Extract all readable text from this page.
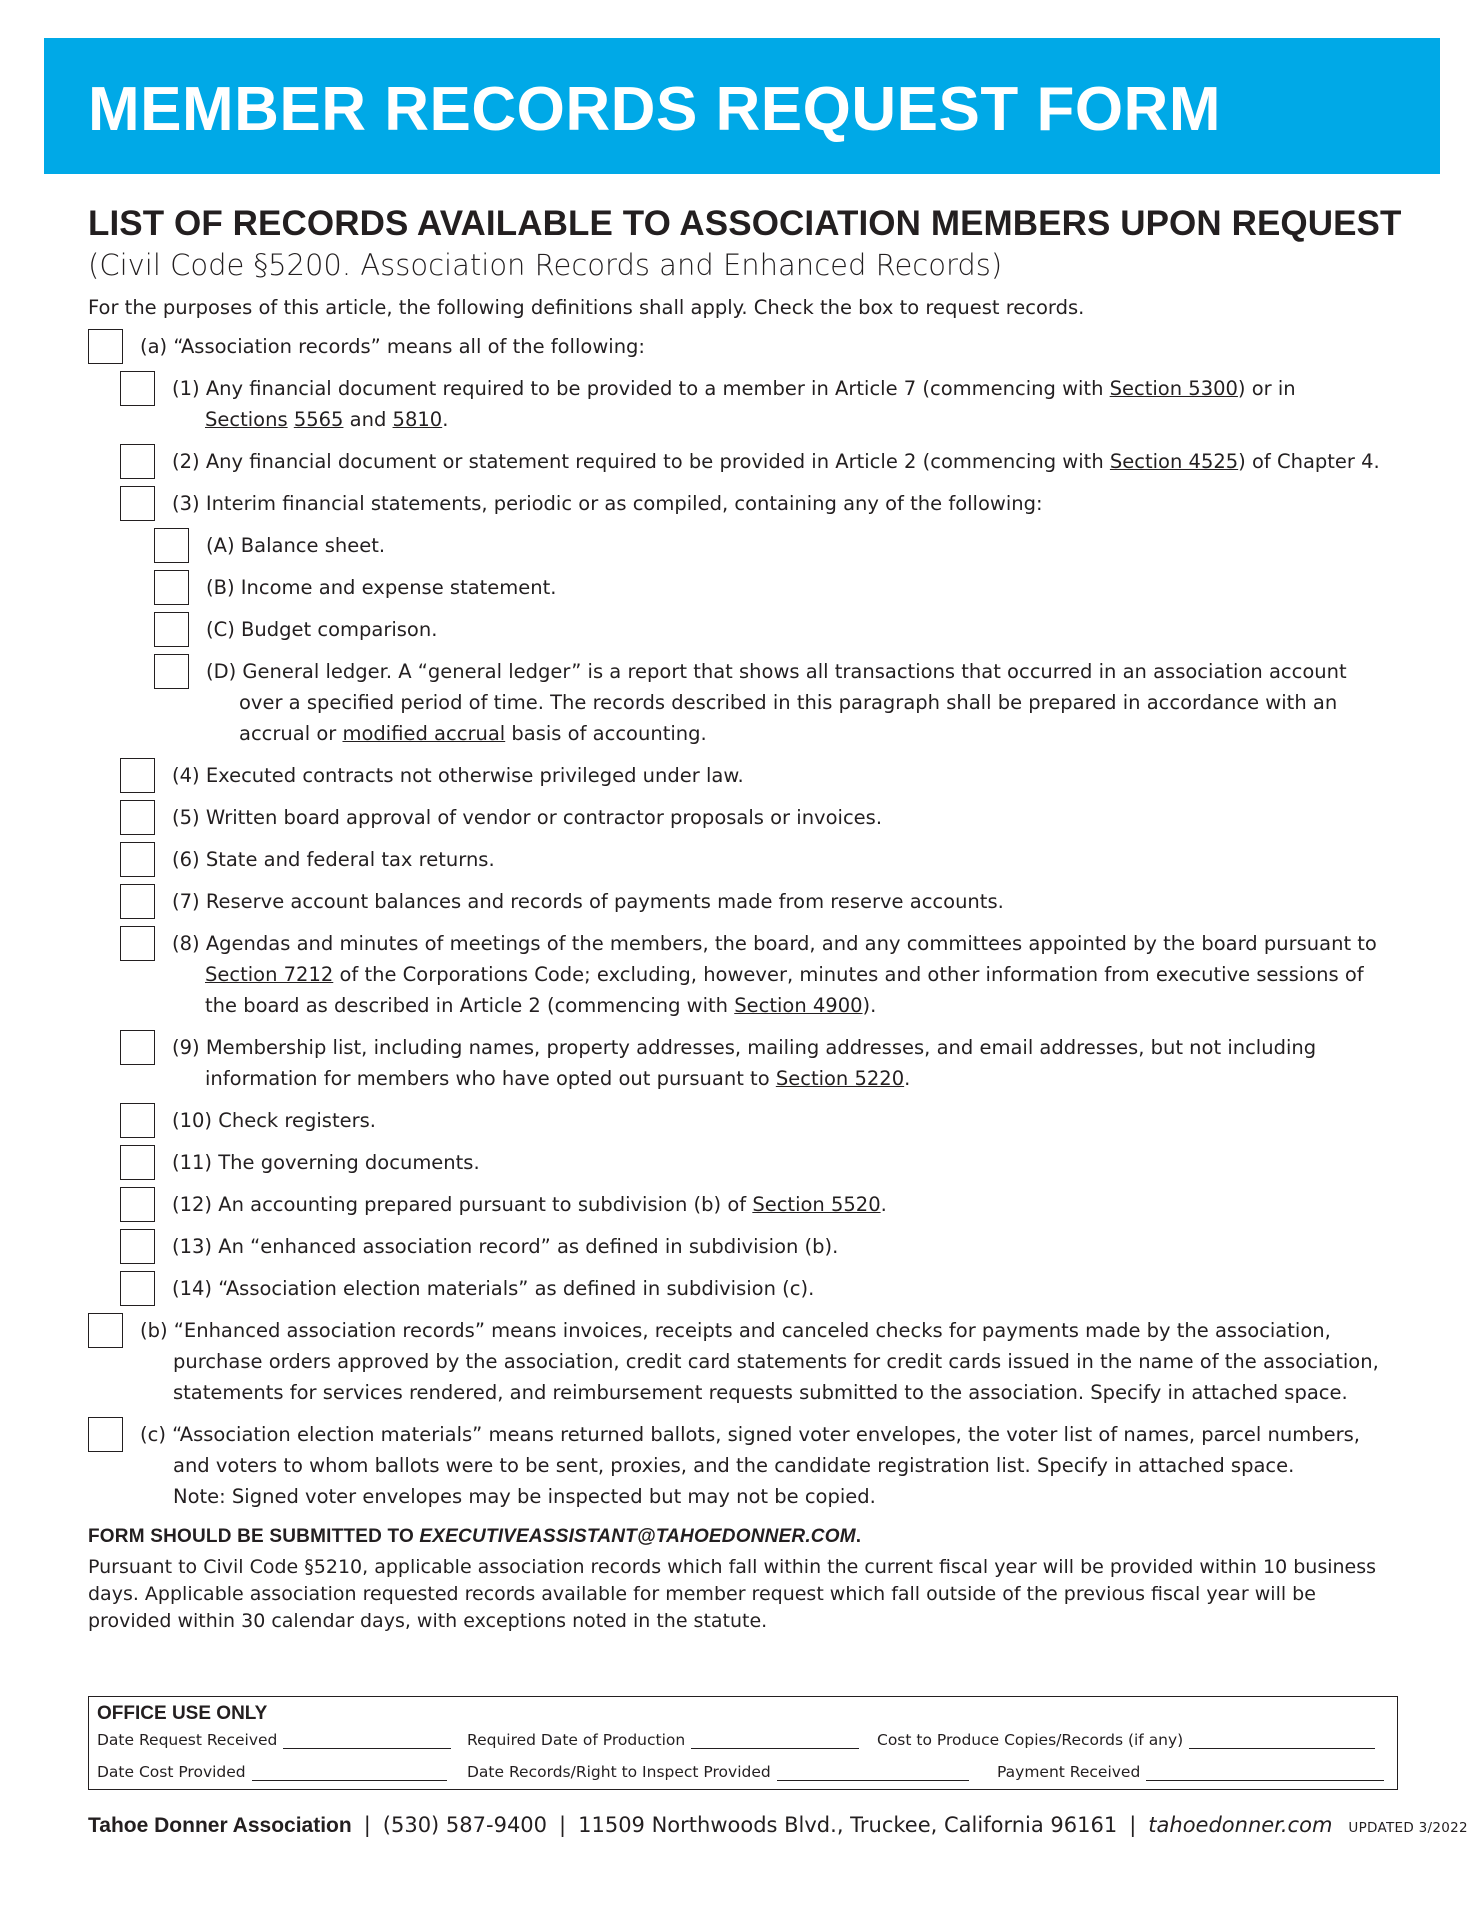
MEMBER RECORDS REQUEST FORM
LIST OF RECORDS AVAILABLE TO ASSOCIATION MEMBERS UPON REQUEST
(Civil Code §5200. Association Records and Enhanced Records)
For the purposes of this article, the following definitions shall apply. Check the box to request records.
(a) “Association records” means all of the following:
(1) Any financial document required to be provided to a member in Article 7 (commencing with Section 5300) or in
Sections 5565 and 5810.
(2) Any financial document or statement required to be provided in Article 2 (commencing with Section 4525) of Chapter 4.
(3) Interim financial statements, periodic or as compiled, containing any of the following:
(A) Balance sheet.
(B) Income and expense statement.
(C) Budget comparison.
(D) General ledger. A “general ledger” is a report that shows all transactions that occurred in an association account
over a specified period of time. The records described in this paragraph shall be prepared in accordance with an
accrual or modified accrual basis of accounting.
(4) Executed contracts not otherwise privileged under law.
(5) Written board approval of vendor or contractor proposals or invoices.
(6) State and federal tax returns.
(7) Reserve account balances and records of payments made from reserve accounts.
(8) Agendas and minutes of meetings of the members, the board, and any committees appointed by the board pursuant to
Section 7212 of the Corporations Code; excluding, however, minutes and other information from executive sessions of
the board as described in Article 2 (commencing with Section 4900).
(9) Membership list, including names, property addresses, mailing addresses, and email addresses, but not including
information for members who have opted out pursuant to Section 5220.
(10) Check registers.
(11) The governing documents.
(12) An accounting prepared pursuant to subdivision (b) of Section 5520.
(13) An “enhanced association record” as defined in subdivision (b).
(14) “Association election materials” as defined in subdivision (c).
(b) “Enhanced association records” means invoices, receipts and canceled checks for payments made by the association,
purchase orders approved by the association, credit card statements for credit cards issued in the name of the association,
statements for services rendered, and reimbursement requests submitted to the association. Specify in attached space.
(c) “Association election materials” means returned ballots, signed voter envelopes, the voter list of names, parcel numbers,
and voters to whom ballots were to be sent, proxies, and the candidate registration list. Specify in attached space.
Note: Signed voter envelopes may be inspected but may not be copied.
FORM SHOULD BE SUBMITTED TO EXECUTIVEASSISTANT@TAHOEDONNER.COM.
Pursuant to Civil Code §5210, applicable association records which fall within the current fiscal year will be provided within 10 business
days. Applicable association requested records available for member request which fall outside of the previous fiscal year will be
provided within 30 calendar days, with exceptions noted in the statute.
OFFICE USE ONLY
Date Request Received	Required Date of Production	Cost to Produce Copies/Records (if any)
Date Cost Provided	Date Records/Right to Inspect Provided	Payment Received
Tahoe Donner Association | (530) 587-9400 | 11509 Northwoods Blvd., Truckee, California 96161 | tahoedonner.com UPDATED 3/2022
